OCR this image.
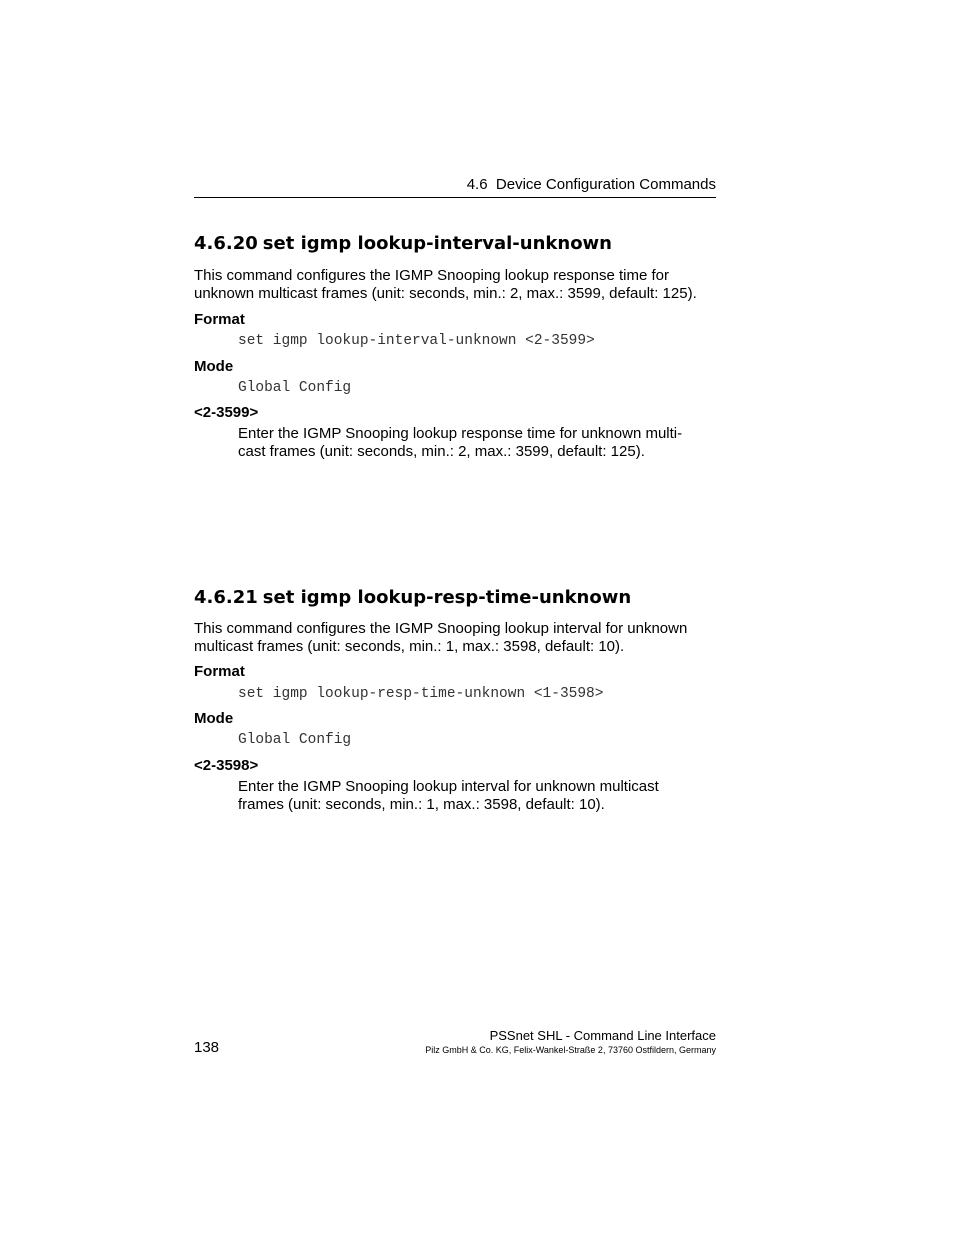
4.6 Device Configuration Commands
4.6.20 set igmp lookup-interval-unknown

This command configures the IGMP Snooping lookup response time for
unknown multicast frames (unit: seconds, min.: 2, max.: 3599, default: 125).

Format

set igmp lookup-interval-unknown <2-3599>

Mode

Global Config

<2-3599>

Enter the IGMP Snooping lookup response time for unknown multi-
cast frames (unit: seconds, min.: 2, max.: 3599, default: 125).

4.6.21 set igmp lookup-resp-time-unknown

This command configures the IGMP Snooping lookup interval for unknown
multicast frames (unit: seconds, min.: 1, max.: 3598, default: 10).

Format

set igmp lookup-resp-time-unknown <1-3598>

Mode

Global Config

<2-3598>

Enter the IGMP Snooping lookup interval for unknown multicast
frames (unit: seconds, min.: 1, max.: 3598, default: 10).

138
PSSnet SHL - Command Line Interface
Pilz GmbH & Co. KG, Felix-Wankel-Straße 2, 73760 Ostfildern, Germany
